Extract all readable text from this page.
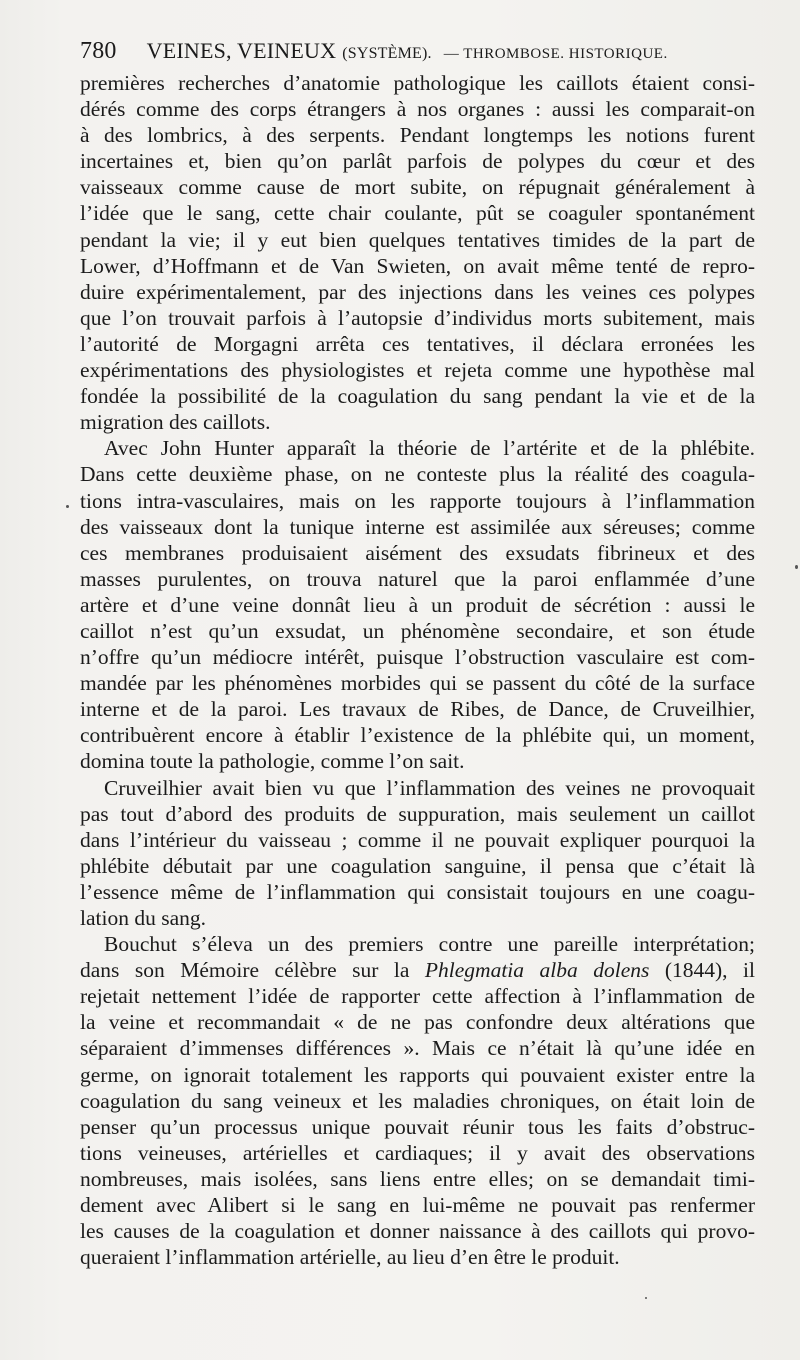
780 VEINES, VEINEUX (SYSTÈME). — THROMBOSE. HISTORIQUE.
premières recherches d’anatomie pathologique les caillots étaient consi-
dérés comme des corps étrangers à nos organes : aussi les comparait-on
à des lombrics, à des serpents. Pendant longtemps les notions furent
incertaines et, bien qu’on parlât parfois de polypes du cœur et des
vaisseaux comme cause de mort subite, on répugnait généralement à
l’idée que le sang, cette chair coulante, pût se coaguler spontanément
pendant la vie; il y eut bien quelques tentatives timides de la part de
Lower, d’Hoffmann et de Van Swieten, on avait même tenté de repro-
duire expérimentalement, par des injections dans les veines ces polypes
que l’on trouvait parfois à l’autopsie d’individus morts subitement, mais
l’autorité de Morgagni arrêta ces tentatives, il déclara erronées les
expérimentations des physiologistes et rejeta comme une hypothèse mal
fondée la possibilité de la coagulation du sang pendant la vie et de la
migration des caillots.
Avec John Hunter apparaît la théorie de l’artérite et de la phlébite.
Dans cette deuxième phase, on ne conteste plus la réalité des coagula-
tions intra-vasculaires, mais on les rapporte toujours à l’inflammation
des vaisseaux dont la tunique interne est assimilée aux séreuses; comme
ces membranes produisaient aisément des exsudats fibrineux et des
masses purulentes, on trouva naturel que la paroi enflammée d’une
artère et d’une veine donnât lieu à un produit de sécrétion : aussi le
caillot n’est qu’un exsudat, un phénomène secondaire, et son étude
n’offre qu’un médiocre intérêt, puisque l’obstruction vasculaire est com-
mandée par les phénomènes morbides qui se passent du côté de la surface
interne et de la paroi. Les travaux de Ribes, de Dance, de Cruveilhier,
contribuèrent encore à établir l’existence de la phlébite qui, un moment,
domina toute la pathologie, comme l’on sait.
Cruveilhier avait bien vu que l’inflammation des veines ne provoquait
pas tout d’abord des produits de suppuration, mais seulement un caillot
dans l’intérieur du vaisseau ; comme il ne pouvait expliquer pourquoi la
phlébite débutait par une coagulation sanguine, il pensa que c’était là
l’essence même de l’inflammation qui consistait toujours en une coagu-
lation du sang.
Bouchut s’éleva un des premiers contre une pareille interprétation;
dans son Mémoire célèbre sur la Phlegmatia alba dolens (1844), il
rejetait nettement l’idée de rapporter cette affection à l’inflammation de
la veine et recommandait « de ne pas confondre deux altérations que
séparaient d’immenses différences ». Mais ce n’était là qu’une idée en
germe, on ignorait totalement les rapports qui pouvaient exister entre la
coagulation du sang veineux et les maladies chroniques, on était loin de
penser qu’un processus unique pouvait réunir tous les faits d’obstruc-
tions veineuses, artérielles et cardiaques; il y avait des observations
nombreuses, mais isolées, sans liens entre elles; on se demandait timi-
dement avec Alibert si le sang en lui-même ne pouvait pas renfermer
les causes de la coagulation et donner naissance à des caillots qui provo-
queraient l’inflammation artérielle, au lieu d’en être le produit.
